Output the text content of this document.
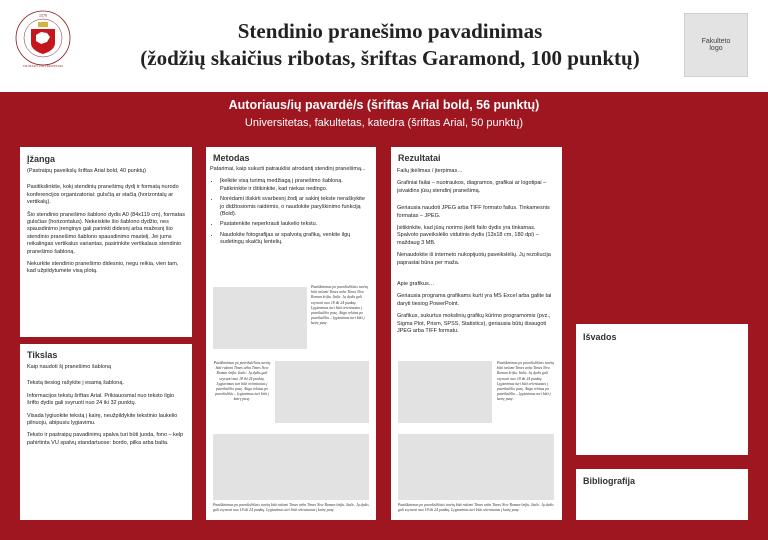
1579
VILNIAUS UNIVERSITETAS
Stendinio pranešimo pavadinimas
(žodžių skaičius ribotas, šriftas Garamond, 100 punktų)
Fakulteto
logo
Autoriaus/ių pavardė/s (šriftas Arial bold, 56 punktų)
Universitetas, fakultetas, katedra (šriftas Arial, 50 punktų)
Įžanga

(Pastraipų paveikslų šriftas Arial bold, 40 punktų)

Pasitikslinkite, kokį stendinių pranešimų dydį ir formatą nurodo konferencijos organizatoriai: gulsčią ar stačią (horizontalų ar vertikalų).

Šio stendinio pranešimo šablono dydis A0 (84x119 cm), formatas gulsčias (horizontalus). Nekeiskite šio šablono dydžio, nes spausdinimo įrenginys gali parinkti didesnį arba mažesnį šio stendinio pranešimo šablono spausdinimo mastelį. Jei jums reikalingas vertikalus variantas, pasirinkite vertikalaus stendinio pranešimo šabloną.

Nekurkite stendinio pranešimo didesnio, negu reikia, vien tam, kad užpildytumėte visą plotą.

Tikslas

Kaip naudoti šį pranešimo šabloną

Tekstą tiesiog rašykite į esamą šabloną.

Informacijos tekstų šriftas Arial. Prikiauosmal nuo teksto ilgio šrifto dydis gali svyruoti nuo 24 iki 32 punktų.

Visada lygiuokite tekstą į kairę, neužpildykite tekstinio laukelio pilnuoju, abipusiu lygiavimu.

Teksto ir pastraipų pavadinimų spalva turi būti juoda, fono – kelp pahirtinta VU spalvų standartuose: bordo, pilka arba balta.

Metodas

Patarimai, kaip sukurti patrauklisi atrodantį stendinį pranešimą...

• Įkelkite visą turimą medžiagą į pranešimo šabloną. Patikrinkite ir ištikinkite, kad niekas nedingo.
• Norėdami išskirti svarbesnį žodį ar sakinį tekste neraškykite jo didžiosiomis raidėmis, o naudokite paryškinimo funkciją (Bold).
• Pastatenkite neperkrauti laukelio tekstu.
• Naudokite fotografijas ar spalvotą grafiką, venkite ilgų sudėtingų skaičių lentelių.
Paaiškinimas po paveikslėliais turėtų būti rašomi Times arba Times New Roman šriftu. Italic. Jų dydis gali svyruoti nuo 18 iki 24 punktų. Lygiavimas turi būti orientuotas į paveikslėlio pusę. Atigu rekitas po paveikslėliu – lygiavimas turi būti į kairę pusę.
Paaiškinimas po paveikslėliais turėtų būti rašomi Times arba Times New Roman šriftu. Italic. Jų dydis gali svyruoti nuo 18 iki 24 punktų. Lygiavimas turi būti orientuotas į paveikslėlio pusę. Atigu rekitas po paveikslėliu – lygiavimas turi būti į kairę pusę.
Paaiškinimas po paveikslėliais turėtų būti rašomi Times arba Times New Roman šriftu. Italic. Jų dydis gali svyruoti nuo 18 iki 24 punktų. Lygiavimas turi būti orientuotas į kairę pusę.
Rezultatai

Failų įkėlimas / įterpimas…

Grafiniai failai – nuotraukos, diagramos, grafikai ar logotipai – įsivaidins jūsų stendinį pranešimą.

Geriausia naudoti JPEG arba TIFF formato failus. Tinkamesnis formatas – JPEG.

Įsitikinkite, kad jūsų norimo įkelti failo dydis yra tinkamas. Spalvoto paveikslėlio vidutinis dydis (13x18 cm, 180 dpi) – maždaug 3 MB.

Nenaudokite iš interneto nukopijuotų paveikslėlių. Jų rezoliucija paprastai būna per maža.

Apie grafikus…

Geriausia programa grafikams kurti yra MS Excel arba galite tai daryti tiesiog PowerPoint.

Grafikus, sukurtus mokslinių grafikų kūrimo programomis (pvz., Sigma Plot, Prism, SPSS, Statistics), geriausia būtų išsaugoti JPEG arba TIFF formatu.

Paaiškinimas po paveikslėliais turėtų būti rašomi Times arba Times New Roman šriftu. Italic. Jų dydis gali svyruoti nuo 18 iki 24 punktų. Lygiavimas turi būti orientuotas į paveikslėlio pusę. Atigu rekitas po paveikslėliu – lygiavimas turi būti į kairę pusę.
Paaiškinimas po paveikslėliais turėtų būti rašomi Times arba Times New Roman šriftu. Italic. Jų dydis gali svyruoti nuo 18 iki 24 punktų. Lygiavimas turi būti orientuotas į kairę pusę.
Išvados
Bibliografija
